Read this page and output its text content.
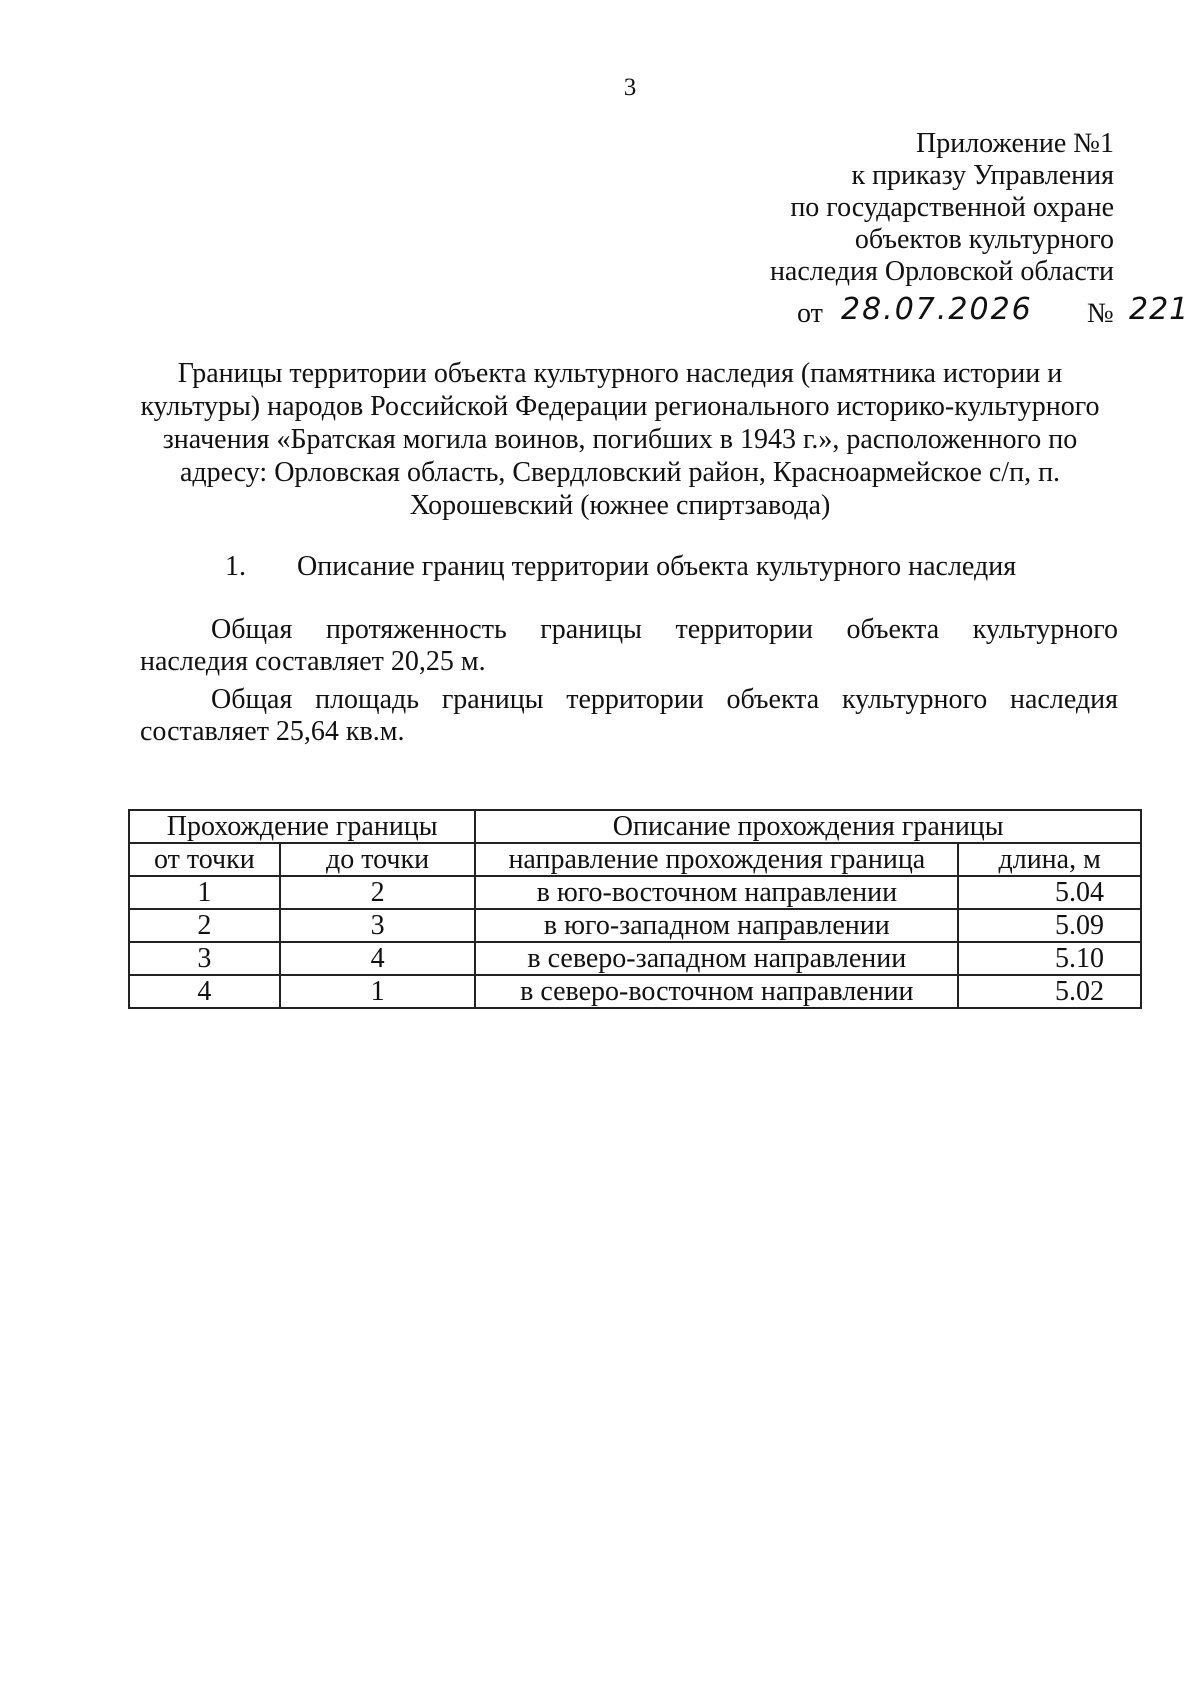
3
Приложение №1
к приказу Управления
по государственной охране
объектов культурного
наследия Орловской области
от 28.07.2026 № 221
Границы территории объекта культурного наследия (памятника истории и
культуры) народов Российской Федерации регионального историко-культурного
значения «Братская могила воинов, погибших в 1943 г.», расположенного по
адресу: Орловская область, Свердловский район, Красноармейское с/п, п.
Хорошевский (южнее спиртзавода)
1. Описание границ территории объекта культурного наследия
Общая протяженность границы территории объекта культурного
наследия составляет 20,25 м.
Общая площадь границы территории объекта культурного наследия
составляет 25,64 кв.м.
Прохождение границы		Описание прохождения границы	
от точки	до точки	направление прохождения граница	длина, м
1	2	в юго-восточном направлении	5.04
2	3	в юго-западном направлении	5.09
3	4	в северо-западном направлении	5.10
4	1	в северо-восточном направлении	5.02
